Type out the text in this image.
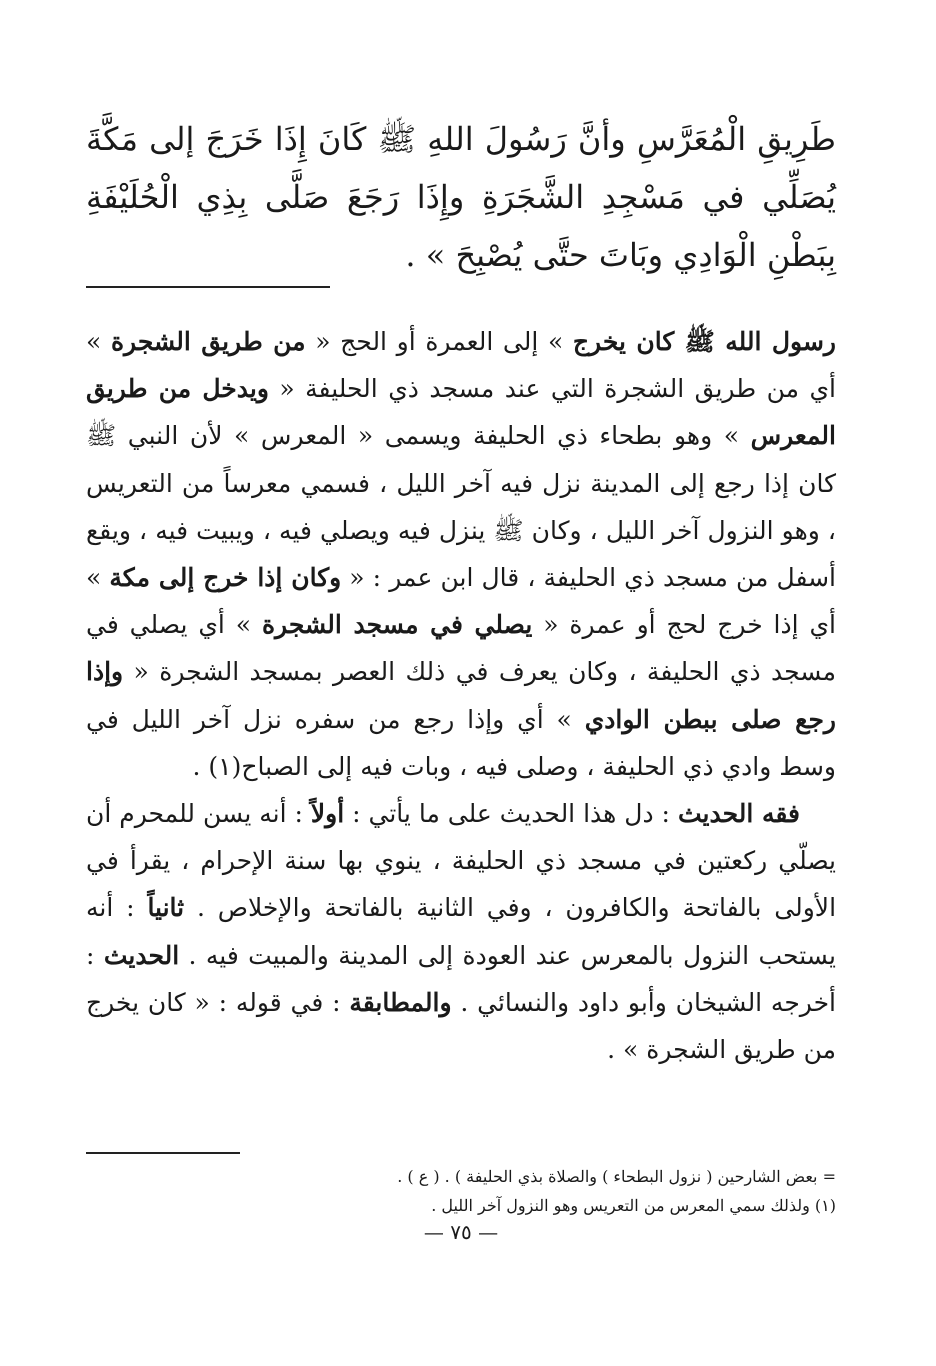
طَرِيقِ الْمُعَرَّسِ وأنَّ رَسُولَ اللهِ ﷺ كَانَ إِذَا خَرَجَ إلى مَكَّةَ يُصَلِّي في مَسْجِدِ الشَّجَرَةِ وإِذَا رَجَعَ صَلَّى بِذِي الْحُلَيْفَةِ بِبَطْنِ الْوَادِي وبَاتَ حتَّى يُصْبِحَ » .

رسول الله ﷺ كان يخرج » إلى العمرة أو الحج « من طريق الشجرة » أي من طريق الشجرة التي عند مسجد ذي الحليفة « ويدخل من طريق المعرس » وهو بطحاء ذي الحليفة ويسمى « المعرس » لأن النبي ﷺ كان إذا رجع إلى المدينة نزل فيه آخر الليل ، فسمي معرساً من التعريس ، وهو النزول آخر الليل ، وكان ﷺ ينزل فيه ويصلي فيه ، ويبيت فيه ، ويقع أسفل من مسجد ذي الحليفة ، قال ابن عمر : « وكان إذا خرج إلى مكة » أي إذا خرج لحج أو عمرة « يصلي في مسجد الشجرة » أي يصلي في مسجد ذي الحليفة ، وكان يعرف في ذلك العصر بمسجد الشجرة « وإذا رجع صلى ببطن الوادي » أي وإذا رجع من سفره نزل آخر الليل في وسط وادي ذي الحليفة ، وصلى فيه ، وبات فيه إلى الصباح(١) .

فقه الحديث : دل هذا الحديث على ما يأتي : أولاً : أنه يسن للمحرم أن يصلّي ركعتين في مسجد ذي الحليفة ، ينوي بها سنة الإحرام ، يقرأ في الأولى بالفاتحة والكافرون ، وفي الثانية بالفاتحة والإخلاص . ثانياً : أنه يستحب النزول بالمعرس عند العودة إلى المدينة والمبيت فيه . الحديث : أخرجه الشيخان وأبو داود والنسائي . والمطابقة : في قوله : « كان يخرج من طريق الشجرة » .

= بعض الشارحين ( نزول البطحاء ) والصلاة بذي الحليفة ) . ( ع ) .

(١) ولذلك سمي المعرس من التعريس وهو النزول آخر الليل .

— ٧٥ —
